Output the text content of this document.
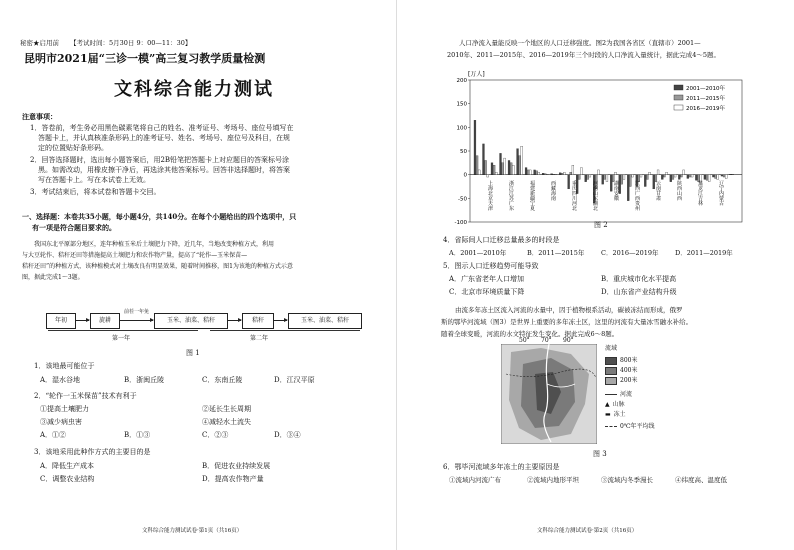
秘密★启用前 【考试时间：5月30日 9：00—11：30】
昆明市2021届“三诊一模”高三复习教学质量检测
文科综合能力测试
注意事项：
1．答卷前，考生务必用黑色碳素笔将自己的姓名、准考证号、考场号、座位号填写在
答题卡上，并认真核准条形码上的准考证号、姓名、考场号、座位号及科目，在规
定的位置贴好条形码。
2．回答选择题时，选出每小题答案后，用2B铅笔把答题卡上对应题目的答案标号涂
黑。如需改动，用橡皮擦干净后，再选涂其他答案标号。回答非选择题时，将答案
写在答题卡上。写在本试卷上无效。
3．考试结束后，将本试卷和答题卡交回。
一、选择题：本卷共35小题，每小题4分，共140分。在每个小题给出的四个选项中，只
有一项是符合题目要求的。
我国东北平原部分地区，连年种植玉米后土壤肥力下降，近几年，当地改变种植方式，利用
与大豆轮作、秸秆还田等措施提高土壤肥力和农作物产量，提高了“轮作—玉米保苗—
秸秆还田”的种植方式，该种植模式对土壤改良有明显效果，随着时间推移，图1为该地的种植方式示意
图，据此完成1～3题。
年初	旋耕
前茬一年免
玉米、油菜、秸秆	秸秆	玉米、油菜、秸秆
第一年	第二年
图 1
1．该地最可能位于
A．湿水谷地	B．浙闽丘陵	C．东南丘陵	D．江汉平原
2．“轮作一玉米保苗”技术有利于
①提高土壤肥力	②延长生长周期
③减少病虫害	④减轻水土流失
A．①②	B．①③	C．②③	D．③④
3．该地采用此种作方式的主要目的是
A．降低生产成本	B．促进农业持续发展
C．调整农业结构	D．提高农作物产量
文科综合能力测试试卷·第1页（共16页）
人口净流入量能反映一个地区的人口迁移强度。图2为我国各省区（直辖市）2001—
2010年、2011—2015年、2016—2019年三个时段的人口净流入量统计，据此完成4～5题。
200
150
100
50
0
-50
-100
[万人]
上海北京天津	浙江江苏广东	福建新疆宁夏	西藏海南	重庆四川河北	河南山东湖北	湖南安徽	江西广西贵州	云南甘肃	陕西山西	黑龙江吉林	辽宁内蒙古
2001—2010年
2011—2015年
2016—2019年
图 2
4．省际间人口迁移总量最多的时段是
A．2001—2010年	B．2011—2015年	C．2016—2019年	D．2011—2019年
5．图示人口迁移趋势可能导致
A．广东省老年人口增加	B．重庆城市化水平提高
C．北京市环境质量下降	D．山东省产业结构升级
由流多年冻土区流入河流的水量中，因于植物根系活动，碳被冻结而形成，俄罗
斯的鄂毕河流域（图3）是世界上重要的多年冻土区，这里的河流有大量冰雪融水补给。
随着全球变暖，河流的水文特征发生变化。据此完成6～8题。
50° 70° 90°
流域
800米
400米
200米
河流
▲ 山脉
▬ 冻土
0℃年平均线
图 3
6．鄂毕河流域多年冻土的主要原因是
①流域内河流广布	②流域内地形平坦	③流域内冬季漫长	④纬度高、温度低
文科综合能力测试试卷·第2页（共16页）
